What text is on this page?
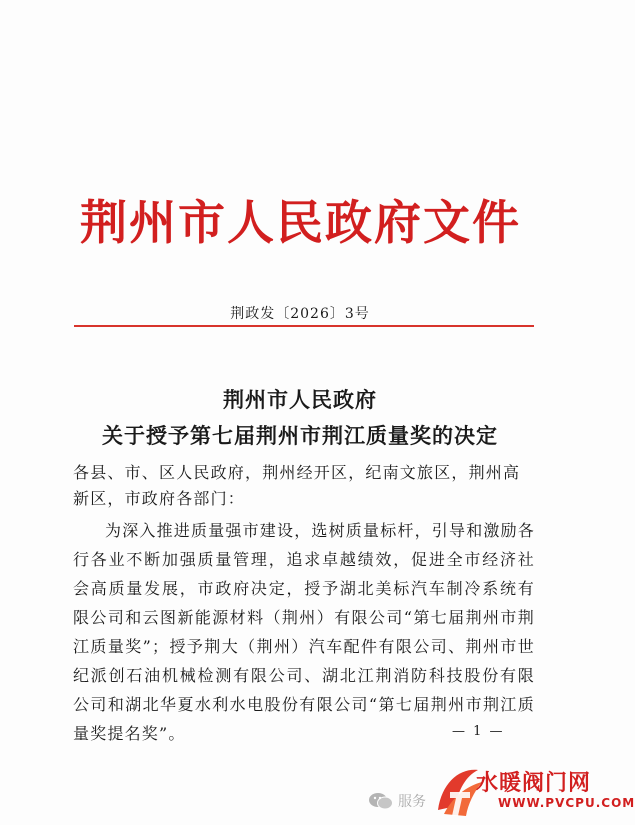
荆州市人民政府文件
荆政发〔2026〕3号
荆州市人民政府
关于授予第七届荆州市荆江质量奖的决定
各县、市、区人民政府，荆州经开区，纪南文旅区，荆州高新区，市政府各部门：
为深入推进质量强市建设，选树质量标杆，引导和激励各行各业不断加强质量管理，追求卓越绩效，促进全市经济社会高质量发展，市政府决定，授予湖北美标汽车制冷系统有限公司和云图新能源材料（荆州）有限公司“第七届荆州市荆江质量奖”；授予荆大（荆州）汽车配件有限公司、荆州市世纪派创石油机械检测有限公司、湖北江荆消防科技股份有限公司和湖北华夏水利水电股份有限公司“第七届荆州市荆江质量奖提名奖”。	— 1 —
服务
水暖阀门网
WWW.PVCPU.COM
